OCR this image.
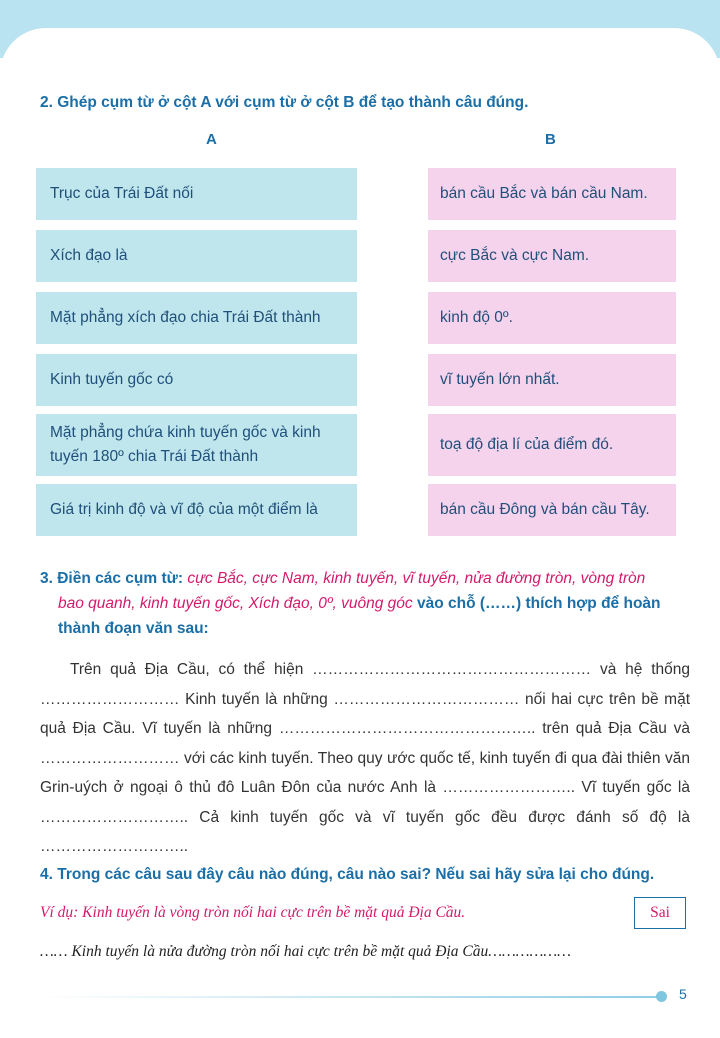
2. Ghép cụm từ ở cột A với cụm từ ở cột B để tạo thành câu đúng.
A	B
Trục của Trái Đất nối
Xích đạo là
Mặt phẳng xích đạo chia Trái Đất thành
Kinh tuyến gốc có
Mặt phẳng chứa kinh tuyến gốc và kinh tuyến 180º chia Trái Đất thành
Giá trị kinh độ và vĩ độ của một điểm là
bán cầu Bắc và bán cầu Nam.
cực Bắc và cực Nam.
kinh độ 0º.
vĩ tuyến lớn nhất.
toạ độ địa lí của điểm đó.
bán cầu Đông và bán cầu Tây.
3. Điền các cụm từ: cực Bắc, cực Nam, kinh tuyến, vĩ tuyến, nửa đường tròn, vòng tròn
bao quanh, kinh tuyến gốc, Xích đạo, 0º, vuông góc vào chỗ (……) thích hợp để hoàn
thành đoạn văn sau:
Trên quả Địa Cầu, có thể hiện ……………………………………………… và hệ thống ……………………… Kinh tuyến là những ……………………………… nối hai cực trên bề mặt quả Địa Cầu. Vĩ tuyến là những ………………………………………….. trên quả Địa Cầu và ……………………… với các kinh tuyến. Theo quy ước quốc tế, kinh tuyến đi qua đài thiên văn Grin-uých ở ngoại ô thủ đô Luân Đôn của nước Anh là …………………….. Vĩ tuyến gốc là ……………………….. Cả kinh tuyến gốc và vĩ tuyến gốc đều được đánh số độ là ………………………..
4. Trong các câu sau đây câu nào đúng, câu nào sai? Nếu sai hãy sửa lại cho đúng.
Ví dụ: Kinh tuyến là vòng tròn nối hai cực trên bề mặt quả Địa Cầu.	Sai
…… Kinh tuyến là nửa đường tròn nối hai cực trên bề mặt quả Địa Cầu………………
5
